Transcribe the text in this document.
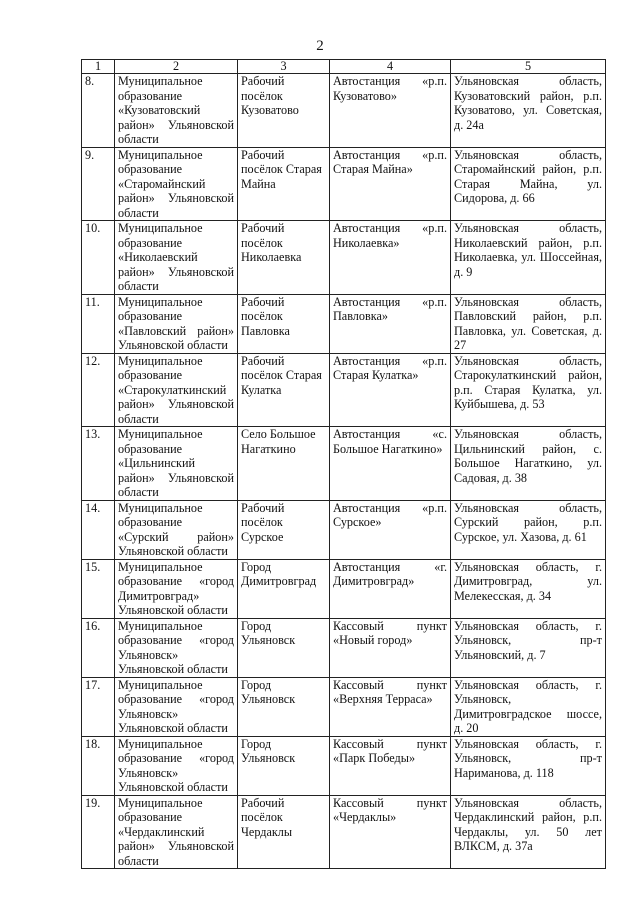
2
1	2	3	4	5
8.	Муниципальное образование «Кузоватовский район» Ульяновской области	Рабочий посёлок Кузоватово	Автостанция «р.п. Кузоватово»	Ульяновская область, Кузоватовский район, р.п. Кузоватово, ул. Советская, д. 24а
9.	Муниципальное образование «Старомайнский район» Ульяновской области	Рабочий посёлок Старая Майна	Автостанция «р.п. Старая Майна»	Ульяновская область, Старомайнский район, р.п. Старая Майна, ул. Сидорова, д. 66
10.	Муниципальное образование «Николаевский район» Ульяновской области	Рабочий посёлок Николаевка	Автостанция «р.п. Николаевка»	Ульяновская область, Николаевский район, р.п. Николаевка, ул. Шоссейная, д. 9
11.	Муниципальное образование «Павловский район» Ульяновской области	Рабочий посёлок Павловка	Автостанция «р.п. Павловка»	Ульяновская область, Павловский район, р.п. Павловка, ул. Советская, д. 27
12.	Муниципальное образование «Старокулаткинский район» Ульяновской области	Рабочий посёлок Старая Кулатка	Автостанция «р.п. Старая Кулатка»	Ульяновская область, Старокулаткинский район, р.п. Старая Кулатка, ул. Куйбышева, д. 53
13.	Муниципальное образование «Цильнинский район» Ульяновской области	Село Большое Нагаткино	Автостанция «с. Большое Нагаткино»	Ульяновская область, Цильнинский район, с. Большое Нагаткино, ул. Садовая, д. 38
14.	Муниципальное образование «Сурский район» Ульяновской области	Рабочий посёлок Сурское	Автостанция «р.п. Сурское»	Ульяновская область, Сурский район, р.п. Сурское, ул. Хазова, д. 61
15.	Муниципальное образование «город Димитровград» Ульяновской области	Город Димитровград	Автостанция «г. Димитровград»	Ульяновская область, г. Димитровград, ул. Мелекесская, д. 34
16.	Муниципальное образование «город Ульяновск» Ульяновской области	Город Ульяновск	Кассовый пункт «Новый город»	Ульяновская область, г. Ульяновск, пр-т Ульяновский, д. 7
17.	Муниципальное образование «город Ульяновск» Ульяновской области	Город Ульяновск	Кассовый пункт «Верхняя Терраса»	Ульяновская область, г. Ульяновск, Димитровградское шоссе, д. 20
18.	Муниципальное образование «город Ульяновск» Ульяновской области	Город Ульяновск	Кассовый пункт «Парк Победы»	Ульяновская область, г. Ульяновск, пр-т Нариманова, д. 118
19.	Муниципальное образование «Чердаклинский район» Ульяновской области	Рабочий посёлок Чердаклы	Кассовый пункт «Чердаклы»	Ульяновская область, Чердаклинский район, р.п. Чердаклы, ул. 50 лет ВЛКСМ, д. 37а
